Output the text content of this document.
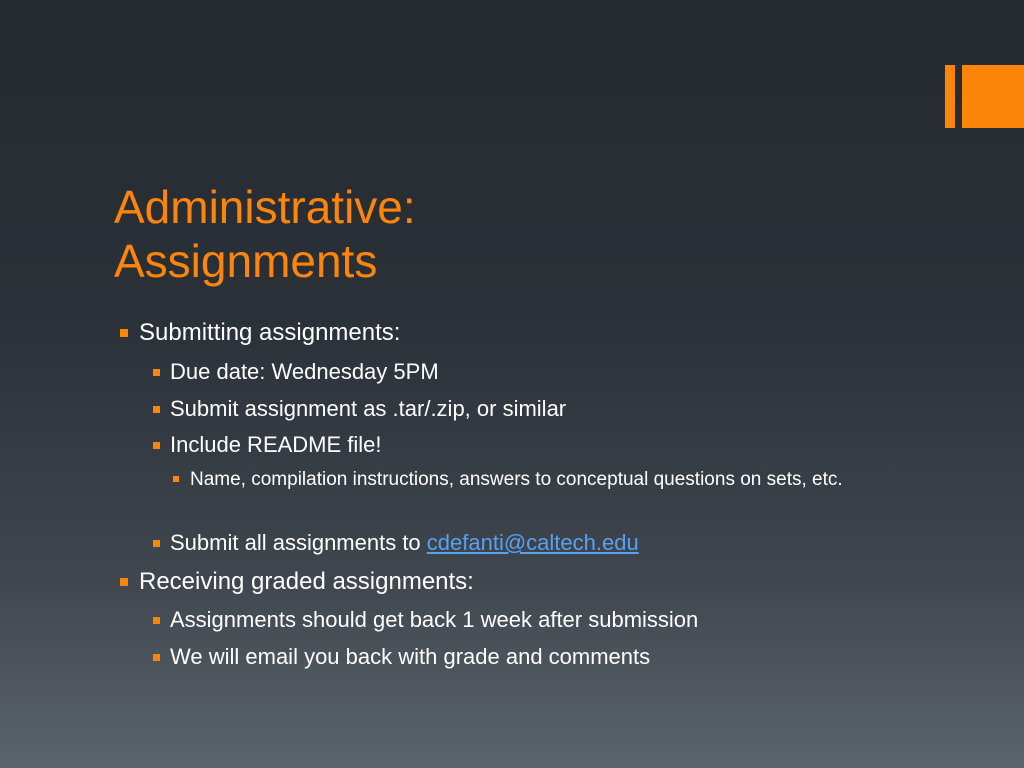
Administrative:
Assignments
Submitting assignments:
Due date: Wednesday 5PM
Submit assignment as .tar/.zip, or similar
Include README file!
Name, compilation instructions, answers to conceptual questions on sets, etc.
Submit all assignments to cdefanti@caltech.edu
Receiving graded assignments:
Assignments should get back 1 week after submission
We will email you back with grade and comments
